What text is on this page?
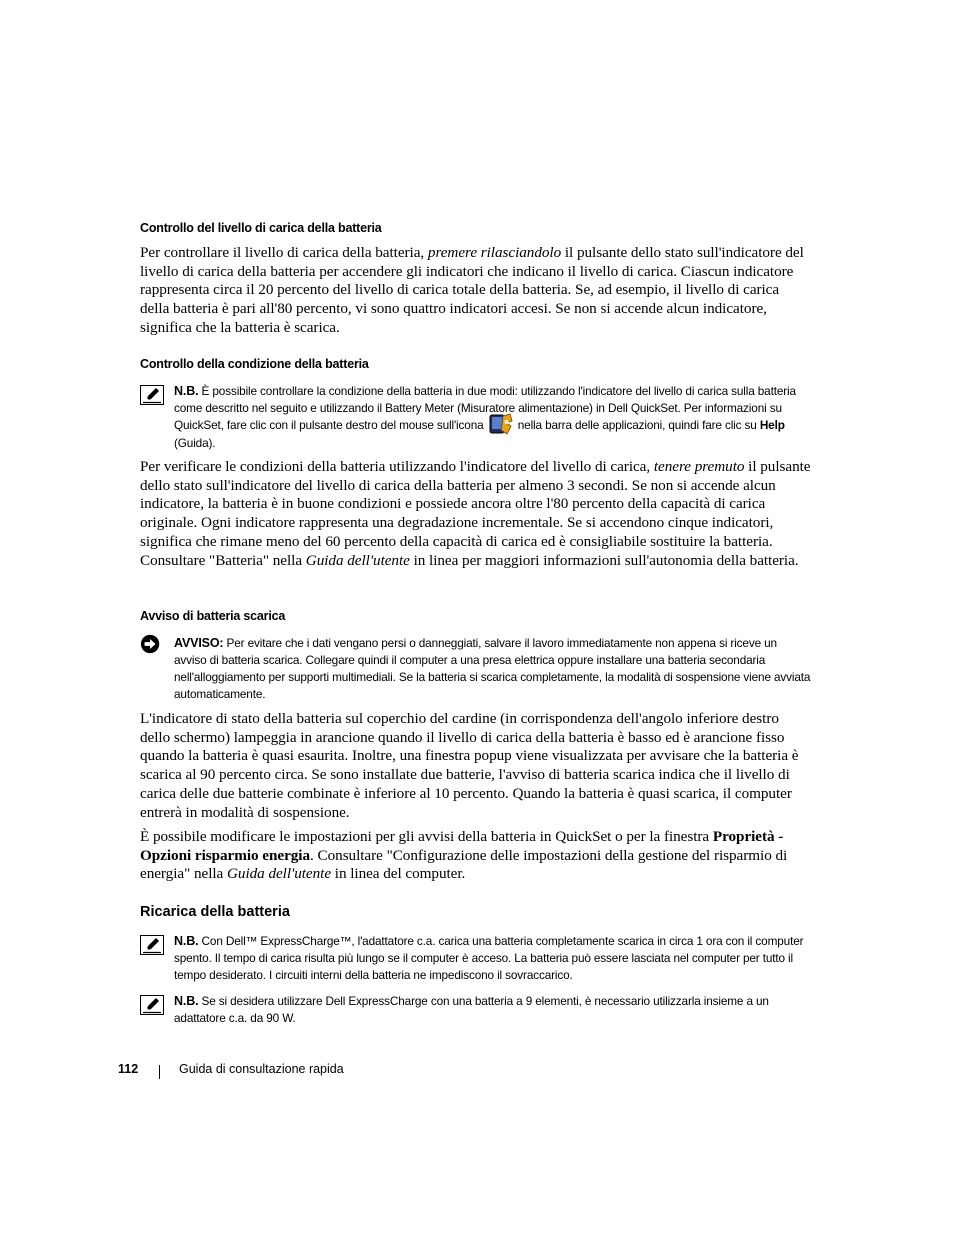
Controllo del livello di carica della batteria
Per controllare il livello di carica della batteria, premere rilasciandolo il pulsante dello stato sull'indicatore del livello di carica della batteria per accendere gli indicatori che indicano il livello di carica. Ciascun indicatore rappresenta circa il 20 percento del livello di carica totale della batteria. Se, ad esempio, il livello di carica della batteria è pari all'80 percento, vi sono quattro indicatori accesi. Se non si accende alcun indicatore, significa che la batteria è scarica.
Controllo della condizione della batteria
N.B. È possibile controllare la condizione della batteria in due modi: utilizzando l'indicatore del livello di carica sulla batteria come descritto nel seguito e utilizzando il Battery Meter (Misuratore alimentazione) in Dell QuickSet. Per informazioni su QuickSet, fare clic con il pulsante destro del mouse sull'icona  nella barra delle applicazioni, quindi fare clic su Help (Guida).
Per verificare le condizioni della batteria utilizzando l'indicatore del livello di carica, tenere premuto il pulsante dello stato sull'indicatore del livello di carica della batteria per almeno 3 secondi. Se non si accende alcun indicatore, la batteria è in buone condizioni e possiede ancora oltre l'80 percento della capacità di carica originale. Ogni indicatore rappresenta una degradazione incrementale. Se si accendono cinque indicatori, significa che rimane meno del 60 percento della capacità di carica ed è consigliabile sostituire la batteria. Consultare "Batteria" nella Guida dell'utente in linea per maggiori informazioni sull'autonomia della batteria.
Avviso di batteria scarica
AVVISO: Per evitare che i dati vengano persi o danneggiati, salvare il lavoro immediatamente non appena si riceve un avviso di batteria scarica. Collegare quindi il computer a una presa elettrica oppure installare una batteria secondaria nell'alloggiamento per supporti multimediali. Se la batteria si scarica completamente, la modalità di sospensione viene avviata automaticamente.
L'indicatore di stato della batteria sul coperchio del cardine (in corrispondenza dell'angolo inferiore destro dello schermo) lampeggia in arancione quando il livello di carica della batteria è basso ed è arancione fisso quando la batteria è quasi esaurita. Inoltre, una finestra popup viene visualizzata per avvisare che la batteria è scarica al 90 percento circa. Se sono installate due batterie, l'avviso di batteria scarica indica che il livello di carica delle due batterie combinate è inferiore al 10 percento. Quando la batteria è quasi scarica, il computer entrerà in modalità di sospensione.
È possibile modificare le impostazioni per gli avvisi della batteria in QuickSet o per la finestra Proprietà - Opzioni risparmio energia. Consultare "Configurazione delle impostazioni della gestione del risparmio di energia" nella Guida dell'utente in linea del computer.
Ricarica della batteria
N.B. Con Dell™ ExpressCharge™, l'adattatore c.a. carica una batteria completamente scarica in circa 1 ora con il computer spento. Il tempo di carica risulta più lungo se il computer è acceso. La batteria può essere lasciata nel computer per tutto il tempo desiderato. I circuiti interni della batteria ne impediscono il sovraccarico.
N.B. Se si desidera utilizzare Dell ExpressCharge con una batteria a 9 elementi, è necessario utilizzarla insieme a un adattatore c.a. da 90 W.
112	Guida di consultazione rapida
